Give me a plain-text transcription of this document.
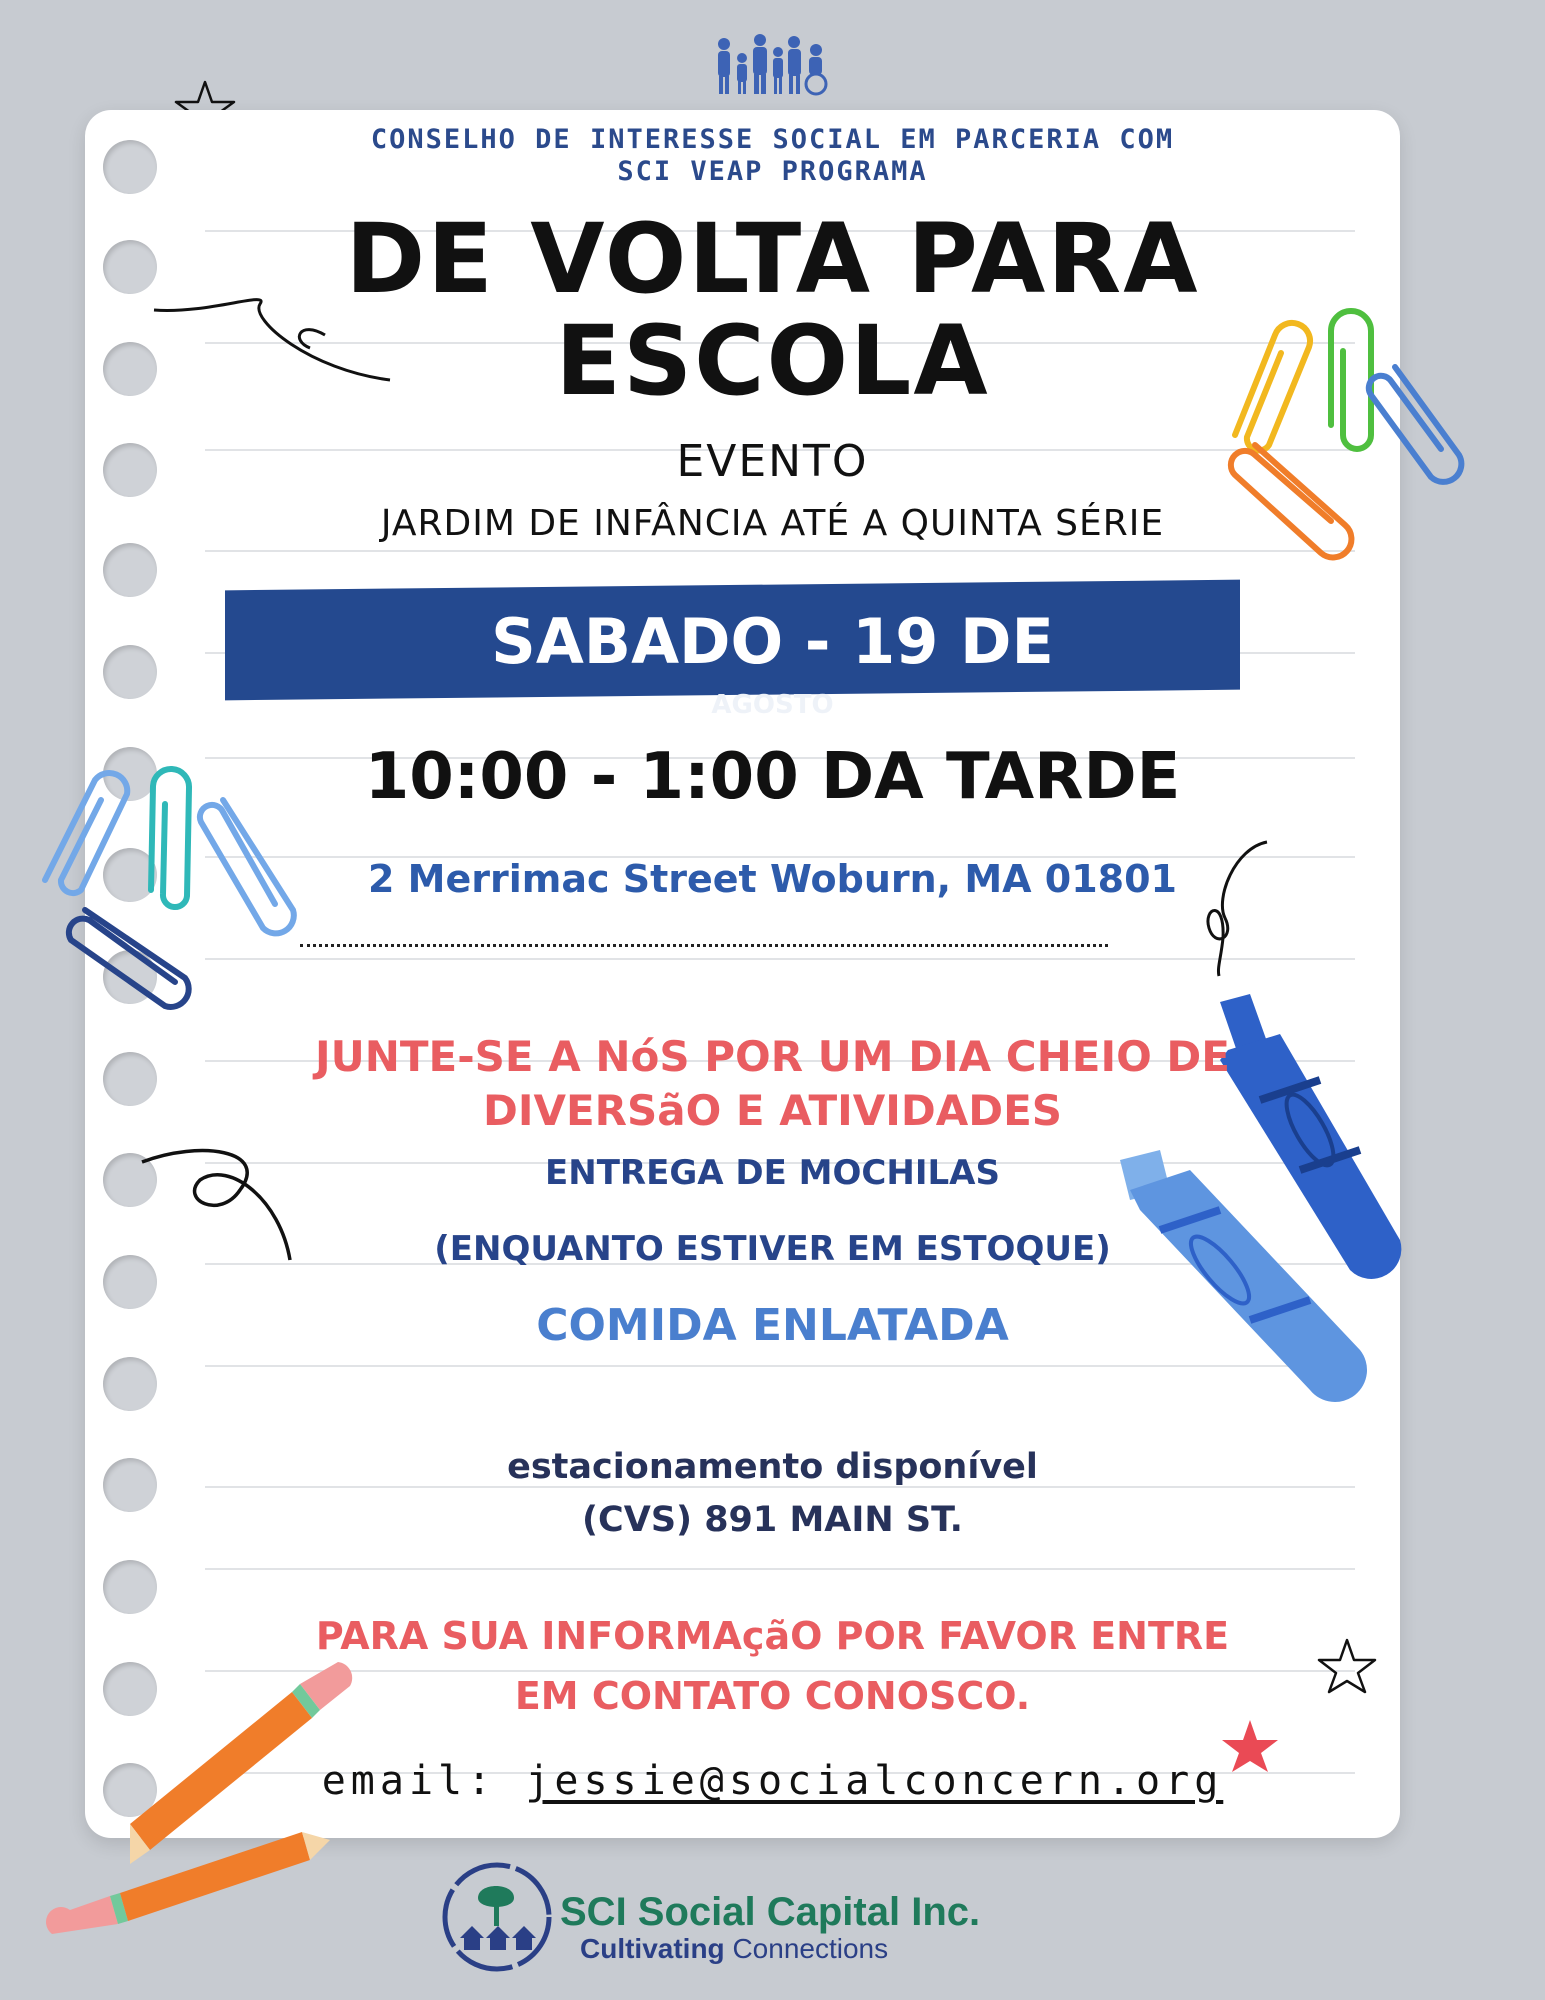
CONSELHO DE INTERESSE SOCIAL EM PARCERIA COM
SCI VEAP PROGRAMA
DE VOLTA PARA
ESCOLA
EVENTO
JARDIM DE INFÂNCIA ATÉ A QUINTA SÉRIE
SABADO - 19 DE
AGOSTO
10:00 - 1:00 DA TARDE
2 Merrimac Street Woburn, MA 01801
JUNTE-SE A NóS POR UM DIA CHEIO DE
DIVERSãO E ATIVIDADES
ENTREGA DE MOCHILAS
(ENQUANTO ESTIVER EM ESTOQUE)
COMIDA ENLATADA
estacionamento disponível
(CVS) 891 MAIN ST.
PARA SUA INFORMAçãO POR FAVOR ENTRE
EM CONTATO CONOSCO.
email: jessie@socialconcern.org
SCI Social Capital Inc.
Cultivating Connections
